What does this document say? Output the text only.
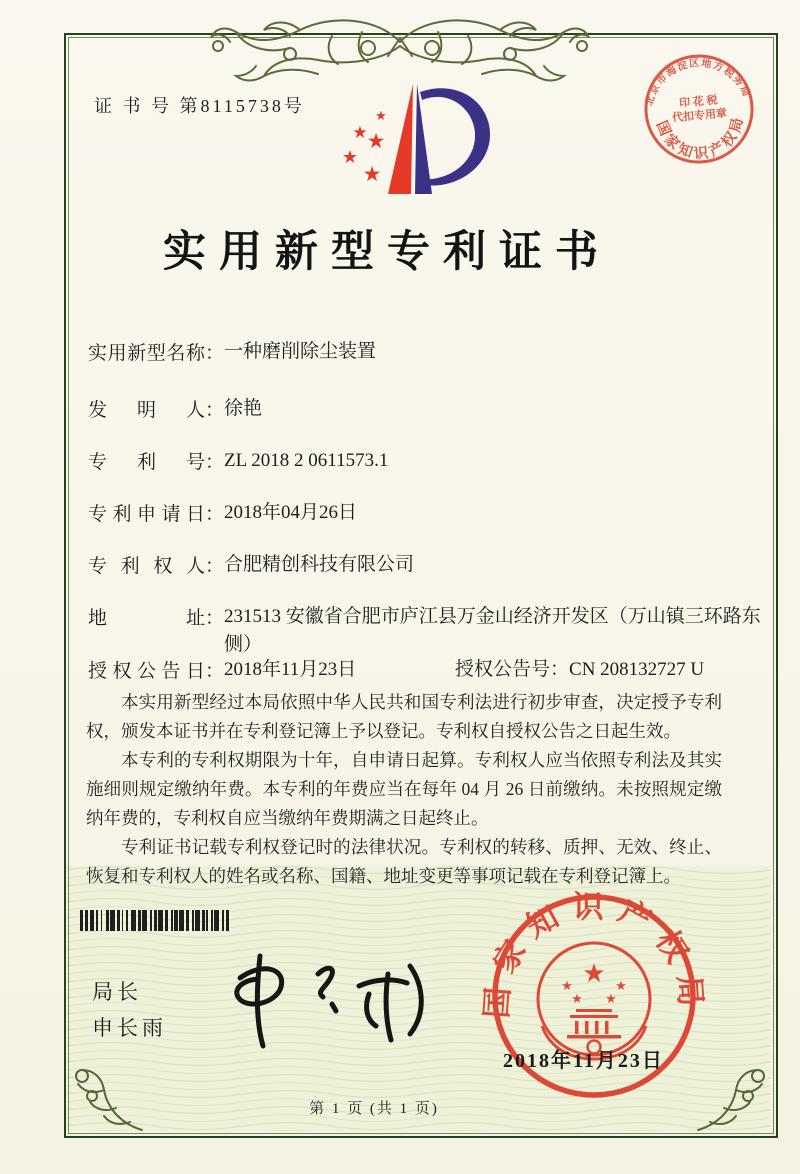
证 书 号 第8115738号	北京市海淀区地方税务局
印 花 税
代扣专用章
国家知识产权局
★
★
★
★
★
实用新型专利证书
实用新型名称：一种磨削除尘装置
发明人：徐艳
专利号：ZL 2018 2 0611573.1
专利申请日：2018年04月26日
专利权人：合肥精创科技有限公司
地址：231513 安徽省合肥市庐江县万金山经济开发区（万山镇三环路东侧）
授权公告日：2018年11月23日	授权公告号：CN 208132727 U

本实用新型经过本局依照中华人民共和国专利法进行初步审查，决定授予专利权，颁发本证书并在专利登记簿上予以登记。专利权自授权公告之日起生效。

本专利的专利权期限为十年，自申请日起算。专利权人应当依照专利法及其实施细则规定缴纳年费。本专利的年费应当在每年 04 月 26 日前缴纳。未按照规定缴纳年费的，专利权自应当缴纳年费期满之日起终止。

专利证书记载专利权登记时的法律状况。专利权的转移、质押、无效、终止、恢复和专利权人的姓名或名称、国籍、地址变更等事项记载在专利登记簿上。

局长
申长雨
国家知识产权局
★
★	★
★ ★
2018年11月23日
第 1 页 (共 1 页)
